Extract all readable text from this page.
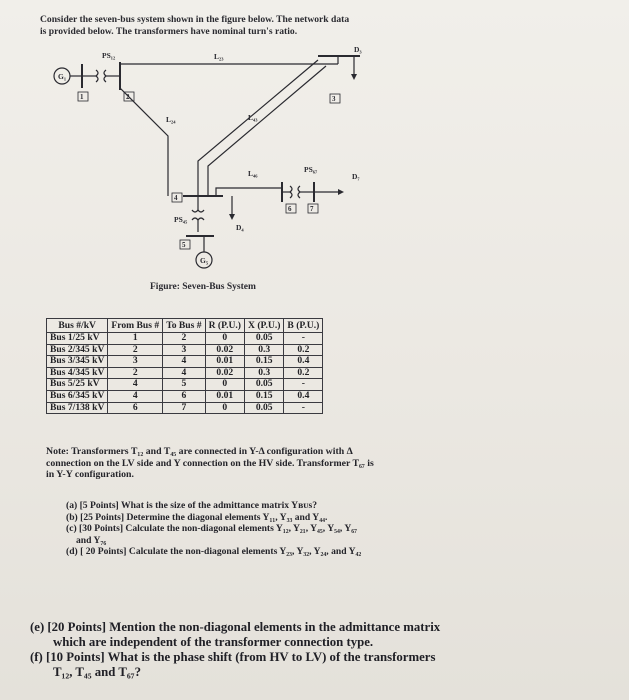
Consider the seven-bus system shown in the figure below. The network data
is provided below. The transformers have nominal turn's ratio.
G₁
G₅
PS₁₂	L₂₃
D₃
L₂₄	L₄₃
L₄₆	PS₆₇
D₇
PS₄₅
D₄
1	2	3
4
5
6	7
Figure: Seven-Bus System
Bus #/kV	From Bus #	To Bus #	R (P.U.)	X (P.U.)	B (P.U.)
Bus 1/25 kV	1	2	0	0.05	-
Bus 2/345 kV	2	3	0.02	0.3	0.2
Bus 3/345 kV	3	4	0.01	0.15	0.4
Bus 4/345 kV	2	4	0.02	0.3	0.2
Bus 5/25 kV	4	5	0	0.05	-
Bus 6/345 kV	4	6	0.01	0.15	0.4
Bus 7/138 kV	6	7	0	0.05	-
Note: Transformers T₁₂ and T₄₅ are connected in Y-Δ configuration with Δ
connection on the LV side and Y connection on the HV side. Transformer T₆₇ is
in Y-Y configuration.
(a) [5 Points] What is the size of the admittance matrix Yʙᴜѕ?
(b) [25 Points] Determine the diagonal elements Y₁₁, Y₃₃ and Y₄₄.
(c) [30 Points] Calculate the non-diagonal elements Y₁₂, Y₂₁, Y₄₅, Y₅₄, Y₆₇
and Y₇₆
(d) [ 20 Points] Calculate the non-diagonal elements Y₂₃, Y₃₂, Y₂₄, and Y₄₂
(e) [20 Points] Mention the non-diagonal elements in the admittance matrix
which are independent of the transformer connection type.
(f) [10 Points] What is the phase shift (from HV to LV) of the transformers
T₁₂, T₄₅ and T₆₇?
